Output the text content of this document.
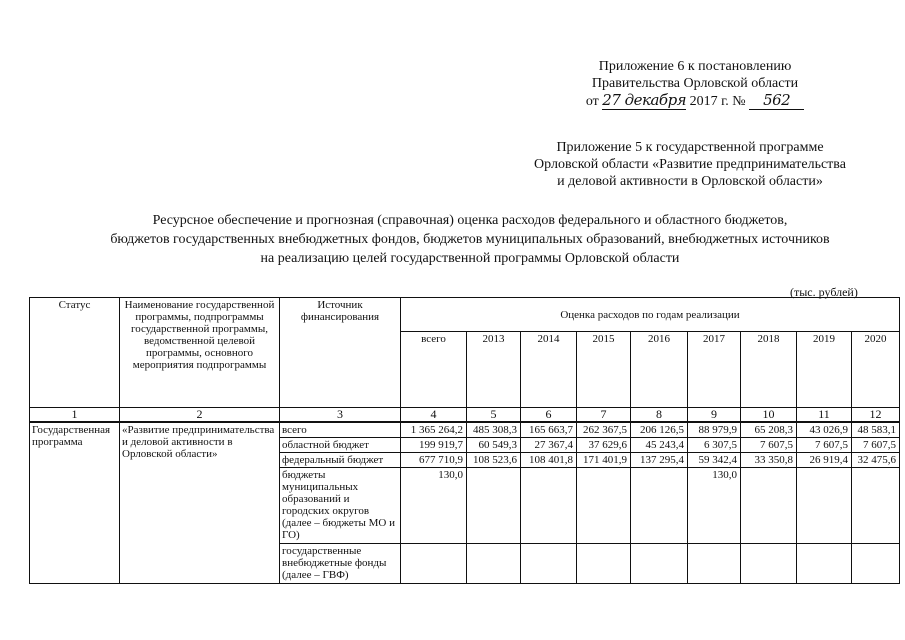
Приложение 6 к постановлению
Правительства Орловской области
от 27 декабря 2017 г. № 562
Приложение 5 к государственной программе
Орловской области «Развитие предпринимательства
и деловой активности в Орловской области»
Ресурсное обеспечение и прогнозная (справочная) оценка расходов федерального и областного бюджетов,
бюджетов государственных внебюджетных фондов, бюджетов муниципальных образований, внебюджетных источников
на реализацию целей государственной программы Орловской области
(тыс. рублей)
Статус	Наименование государственной программы, подпрограммы государственной программы, ведомственной целевой программы, основного мероприятия подпрограммы	Источник финансирования	Оценка расходов по годам реализации								
			всего	2013	2014	2015	2016	2017	2018	2019	2020
1	2	3	4	5	6	7	8	9	10	11	12
Государственная программа	«Развитие предпринимательства и деловой активности в Орловской области»	всего	1 365 264,2	485 308,3	165 663,7	262 367,5	206 126,5	88 979,9	65 208,3	43 026,9	48 583,1
		областной бюджет	199 919,7	60 549,3	27 367,4	37 629,6	45 243,4	6 307,5	7 607,5	7 607,5	7 607,5
		федеральный бюджет	677 710,9	108 523,6	108 401,8	171 401,9	137 295,4	59 342,4	33 350,8	26 919,4	32 475,6
		бюджеты муниципальных образований и городских округов (далее – бюджеты МО и ГО)	130,0					130,0			
		государственные внебюджетные фонды (далее – ГВФ)									
